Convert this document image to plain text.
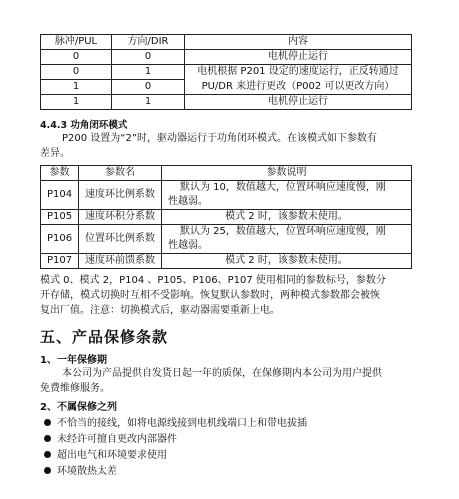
脉冲/PUL	方向/DIR	内容
0	0	电机停止运行
0	1	电机根据 P201 设定的速度运行，正反转通过
1	0	PU/DR 来进行更改（P002 可以更改方向）
1	1	电机停止运行
4.4.3 功角闭环模式
P200 设置为“2”时，驱动器运行于功角闭环模式。在该模式如下参数有
差异。
参数	参数名	参数说明
P104	速度环比例系数	默认为 10，数值越大，位置环响应速度慢，刚
性越弱。

P105	速度环积分系数	模式 2 时，该参数未使用。
P106	位置环比例系数	默认为 25，数值越大，位置环响应速度慢，刚
性越弱。

P107	速度环前馈系数	模式 2 时，该参数未使用。
模式 0、模式 2，P104 、P105、P106、P107 使用相同的参数标号，参数分
开存储，模式切换时互相不受影响。恢复默认参数时，两种模式参数都会被恢
复出厂值。注意：切换模式后，驱动器需要重新上电。
五、产品保修条款
1、一年保修期
本公司为产品提供自发货日起一年的质保，在保修期内本公司为用户提供
免费维修服务。
2、不属保修之列
不恰当的接线，如将电源线接到电机线端口上和带电拔插
未经许可擅自更改内部器件
超出电气和环境要求使用
环境散热太差
